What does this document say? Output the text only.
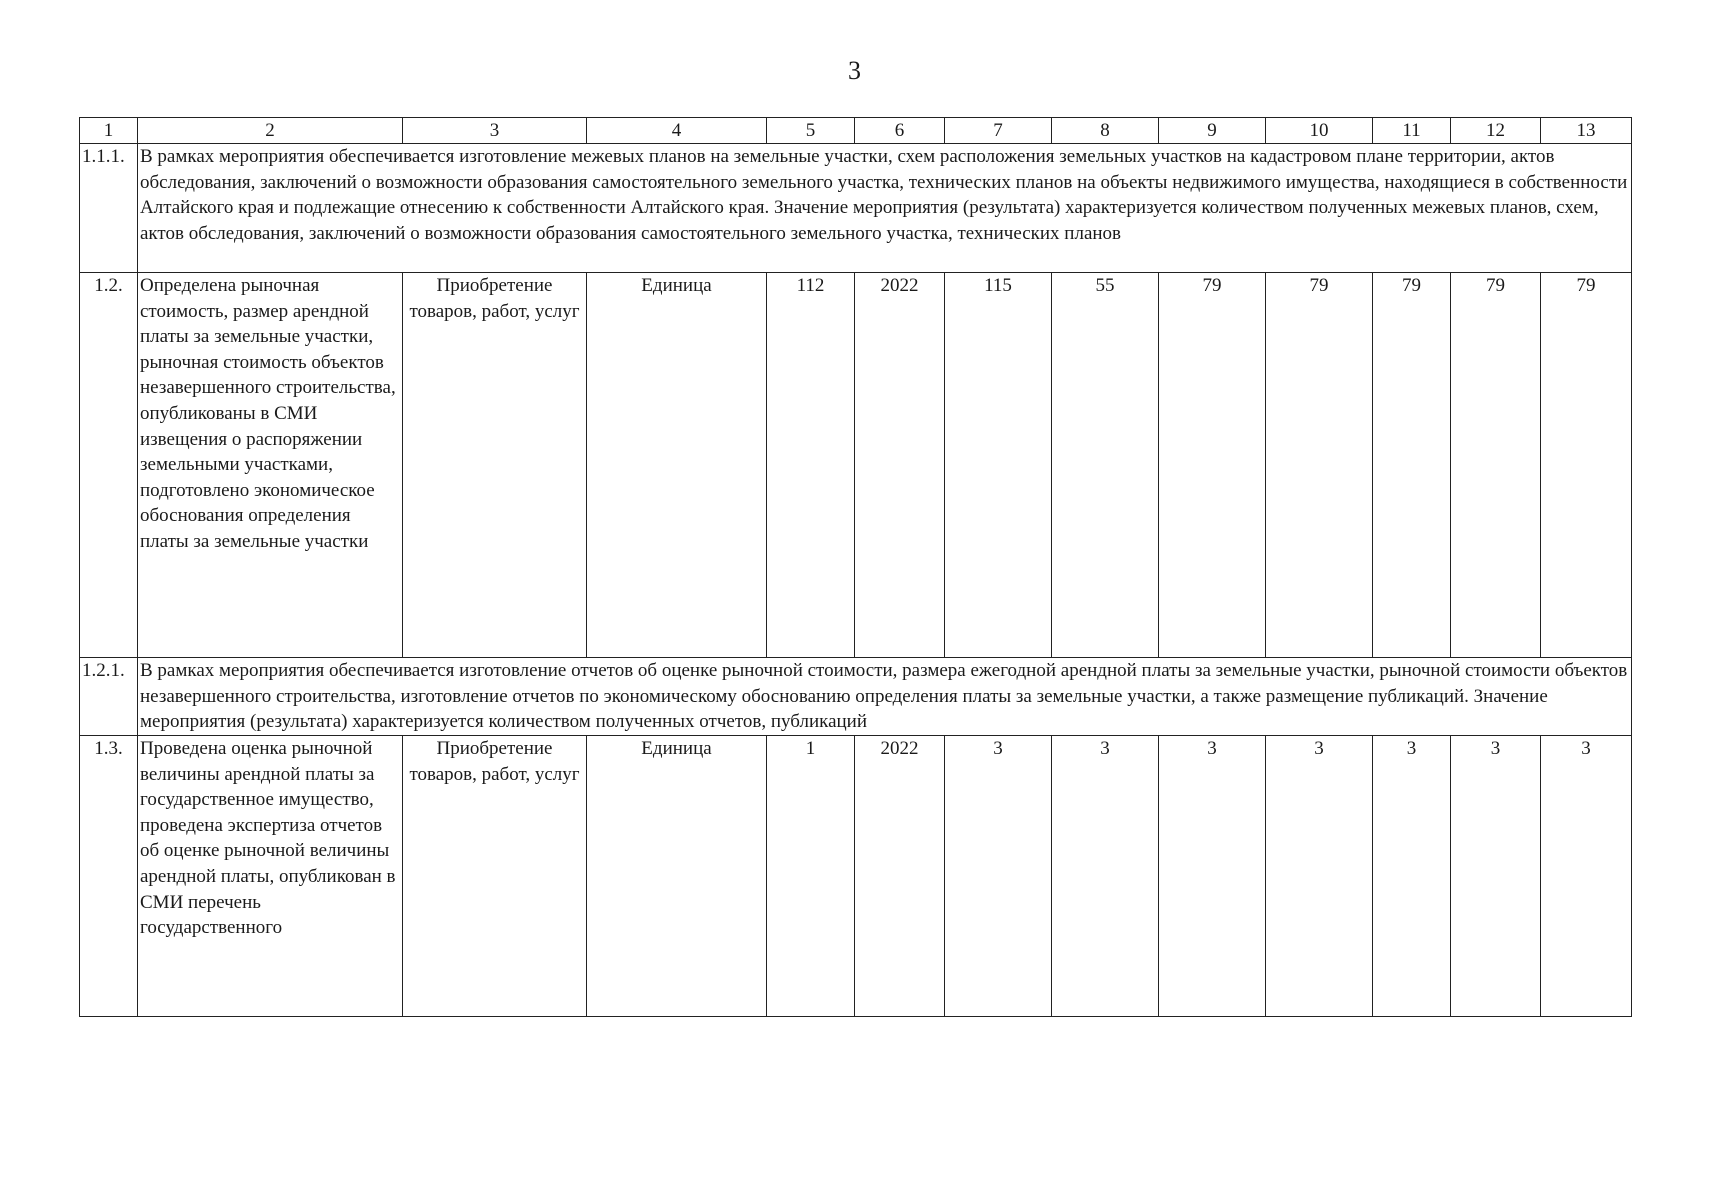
3
1	2	3	4	5	6	7	8	9	10	11	12	13
1.1.1.	В рамках мероприятия обеспечивается изготовление межевых планов на земельные участки, схем расположения земельных участков на кадастровом плане территории, актов обследования, заключений о возможности образования самостоятельного земельного участка, технических планов на объекты недвижимого имущества, находящиеся в собственности Алтайского края и подлежащие отнесению к собственности Алтайского края. Значение мероприятия (результата) характеризуется количеством полученных межевых планов, схем, актов обследования, заключений о возможности образования самостоятельного земельного участка, технических планов											
1.2.	Определена рыночная стоимость, размер арендной платы за земельные участки, рыночная стоимость объектов незавершенного строительства, опубликованы в СМИ извещения о распоряжении земельными участками, подготовлено экономическое обоснования определения платы за земельные участки	Приобретение товаров, работ, услуг	Единица	112	2022	115	55	79	79	79	79	79
1.2.1.	В рамках мероприятия обеспечивается изготовление отчетов об оценке рыночной стоимости, размера ежегодной арендной платы за земельные участки, рыночной стоимости объектов незавершенного строительства, изготовление отчетов по экономическому обоснованию определения платы за земельные участки, а также размещение публикаций. Значение мероприятия (результата) характеризуется количеством полученных отчетов, публикаций											
1.3.	Проведена оценка рыночной величины арендной платы за государственное имущество, проведена экспертиза отчетов об оценке рыночной величины арендной платы, опубликован в СМИ перечень государственного	Приобретение товаров, работ, услуг	Единица	1	2022	3	3	3	3	3	3	3
